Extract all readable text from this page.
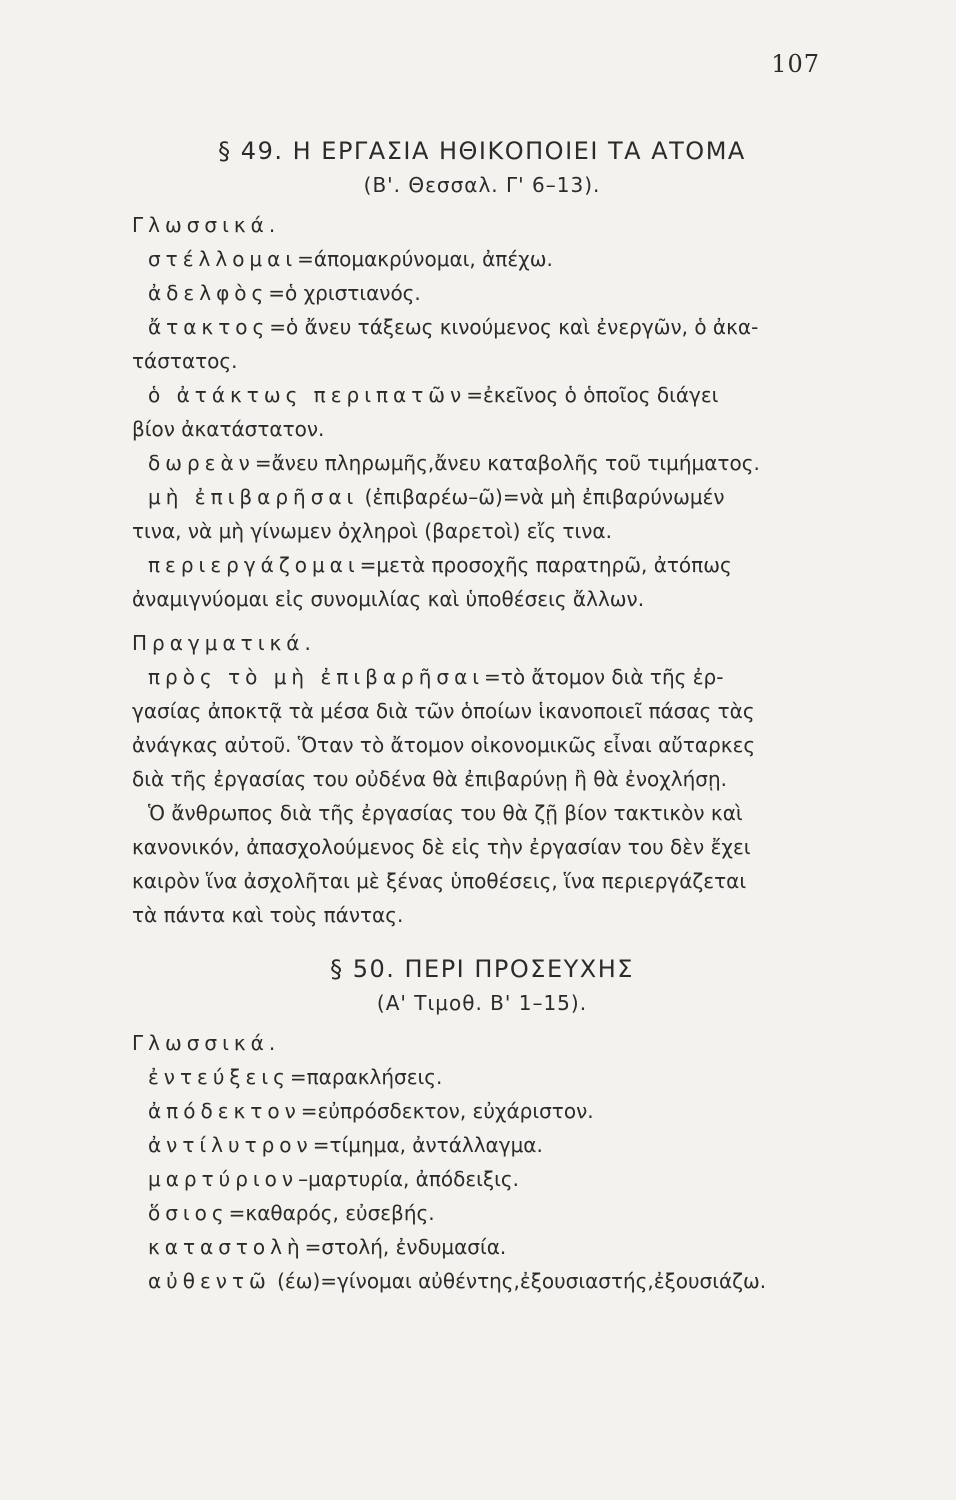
107

§ 49. Η ΕΡΓΑΣΙΑ ΗΘΙΚΟΠΟΙΕΙ ΤΑ ΑΤΟΜΑ

(Β'. Θεσσαλ. Γ' 6–13).

Γλωσσικά.

στέλλομαι=άπομακρύνομαι, ἀπέχω.

ἀδελφὸς=ὁ χριστιανός.

ἄτακτος=ὁ ἄνευ τάξεως κινούμενος καὶ ἐνεργῶν, ὁ ἀκα-

τάστατος.

ὁ ἀτάκτως περιπατῶν=ἐκεῖνος ὁ ὁποῖος διάγει

βίον ἀκατάστατον.

δωρεὰν=ἄνευ πληρωμῆς,ἄνευ καταβολῆς τοῦ τιμήματος.

μὴ ἐπιβαρῆσαι (ἐπιβαρέω–ῶ)=νὰ μὴ ἐπιβαρύνωμέν

τινα, νὰ μὴ γίνωμεν ὀχληροὶ (βαρετοὶ) εἴς τινα.

περιεργάζομαι=μετὰ προσοχῆς παρατηρῶ, ἀτόπως

ἀναμιγνύομαι εἰς συνομιλίας καὶ ὑποθέσεις ἄλλων.

Πραγματικά.

πρὸς τὸ μὴ ἐπιβαρῆσαι=τὸ ἄτομον διὰ τῆς ἐρ-

γασίας ἀποκτᾷ τὰ μέσα διὰ τῶν ὁποίων ἱκανοποιεῖ πάσας τὰς

ἀνάγκας αὐτοῦ. Ὅταν τὸ ἄτομον οἰκονομικῶς εἶναι αὔταρκες

διὰ τῆς ἐργασίας του οὐδένα θὰ ἐπιβαρύνῃ ἢ θὰ ἐνοχλήσῃ.

Ὁ ἄνθρωπος διὰ τῆς ἐργασίας του θὰ ζῇ βίον τακτικὸν καὶ

κανονικόν, ἀπασχολούμενος δὲ εἰς τὴν ἐργασίαν του δὲν ἔχει

καιρὸν ἵνα ἀσχολῆται μὲ ξένας ὑποθέσεις, ἵνα περιεργάζεται

τὰ πάντα καὶ τοὺς πάντας.

§ 50. ΠΕΡΙ ΠΡΟΣΕΥΧΗΣ

(Α' Τιμοθ. Β' 1–15).

Γλωσσικά.

ἐντεύξεις=παρακλήσεις.

ἀπόδεκτον=εὐπρόσδεκτον, εὐχάριστον.

ἀντίλυτρον=τίμημα, ἀντάλλαγμα.

μαρτύριον–μαρτυρία, ἀπόδειξις.

ὅσιος=καθαρός, εὐσεβής.

καταστολὴ=στολή, ἐνδυμασία.

αὐθεντῶ (έω)=γίνομαι αὐθέντης,ἐξουσιαστής,ἐξουσιάζω.
